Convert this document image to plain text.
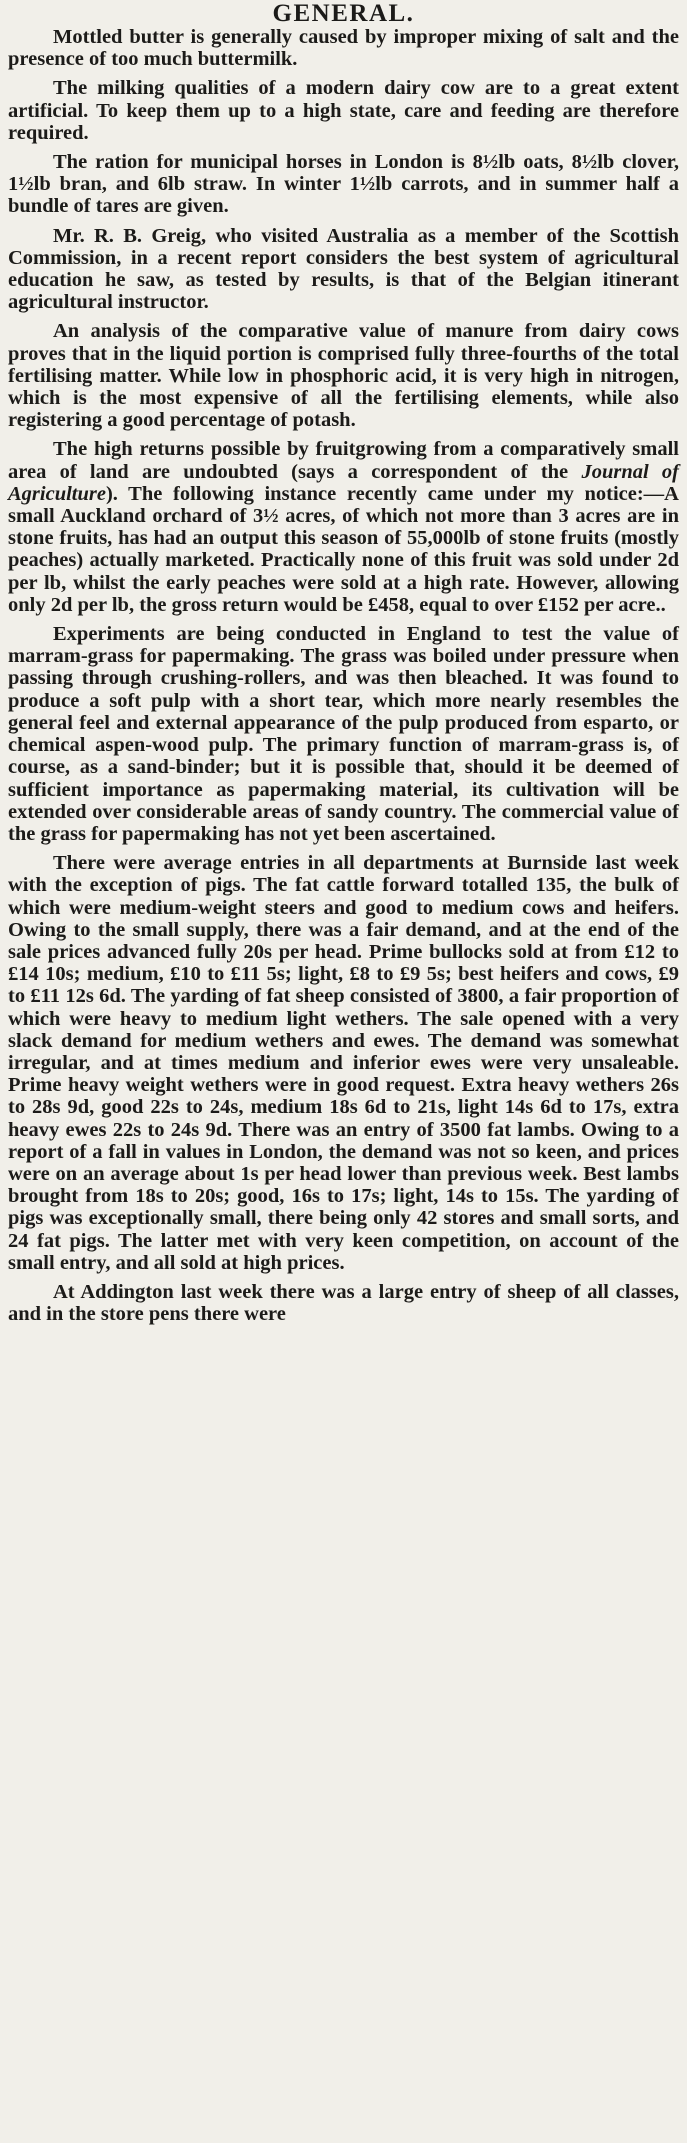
GENERAL.

Mottled butter is generally caused by improper mixing of salt and the presence of too much buttermilk.

The milking qualities of a modern dairy cow are to a great extent artificial. To keep them up to a high state, care and feeding are therefore required.

The ration for municipal horses in London is 8½lb oats, 8½lb clover, 1½lb bran, and 6lb straw. In winter 1½lb carrots, and in summer half a bundle of tares are given.

Mr. R. B. Greig, who visited Australia as a member of the Scottish Commission, in a recent report considers the best system of agricultural education he saw, as tested by results, is that of the Belgian itinerant agricultural instructor.

An analysis of the comparative value of manure from dairy cows proves that in the liquid portion is comprised fully three-fourths of the total fertilising matter. While low in phosphoric acid, it is very high in nitrogen, which is the most expensive of all the fertilising elements, while also registering a good percentage of potash.

The high returns possible by fruitgrowing from a comparatively small area of land are undoubted (says a correspondent of the Journal of Agriculture). The following instance recently came under my notice:—A small Auckland orchard of 3½ acres, of which not more than 3 acres are in stone fruits, has had an output this season of 55,000lb of stone fruits (mostly peaches) actually marketed. Practically none of this fruit was sold under 2d per lb, whilst the early peaches were sold at a high rate. However, allowing only 2d per lb, the gross return would be £458, equal to over £152 per acre..

Experiments are being conducted in England to test the value of marram-grass for papermaking. The grass was boiled under pressure when passing through crushing-rollers, and was then bleached. It was found to produce a soft pulp with a short tear, which more nearly resembles the general feel and external appearance of the pulp produced from esparto, or chemical aspen-wood pulp. The primary function of marram-grass is, of course, as a sand-binder; but it is possible that, should it be deemed of sufficient importance as papermaking material, its cultivation will be extended over considerable areas of sandy country. The commercial value of the grass for papermaking has not yet been ascertained.

There were average entries in all departments at Burnside last week with the exception of pigs. The fat cattle forward totalled 135, the bulk of which were medium-weight steers and good to medium cows and heifers. Owing to the small supply, there was a fair demand, and at the end of the sale prices advanced fully 20s per head. Prime bullocks sold at from £12 to £14 10s; medium, £10 to £11 5s; light, £8 to £9 5s; best heifers and cows, £9 to £11 12s 6d. The yarding of fat sheep consisted of 3800, a fair proportion of which were heavy to medium light wethers. The sale opened with a very slack demand for medium wethers and ewes. The demand was somewhat irregular, and at times medium and inferior ewes were very unsaleable. Prime heavy weight wethers were in good request. Extra heavy wethers 26s to 28s 9d, good 22s to 24s, medium 18s 6d to 21s, light 14s 6d to 17s, extra heavy ewes 22s to 24s 9d. There was an entry of 3500 fat lambs. Owing to a report of a fall in values in London, the demand was not so keen, and prices were on an average about 1s per head lower than previous week. Best lambs brought from 18s to 20s; good, 16s to 17s; light, 14s to 15s. The yarding of pigs was exceptionally small, there being only 42 stores and small sorts, and 24 fat pigs. The latter met with very keen competition, on account of the small entry, and all sold at high prices.

At Addington last week there was a large entry of sheep of all classes, and in the store pens there were
